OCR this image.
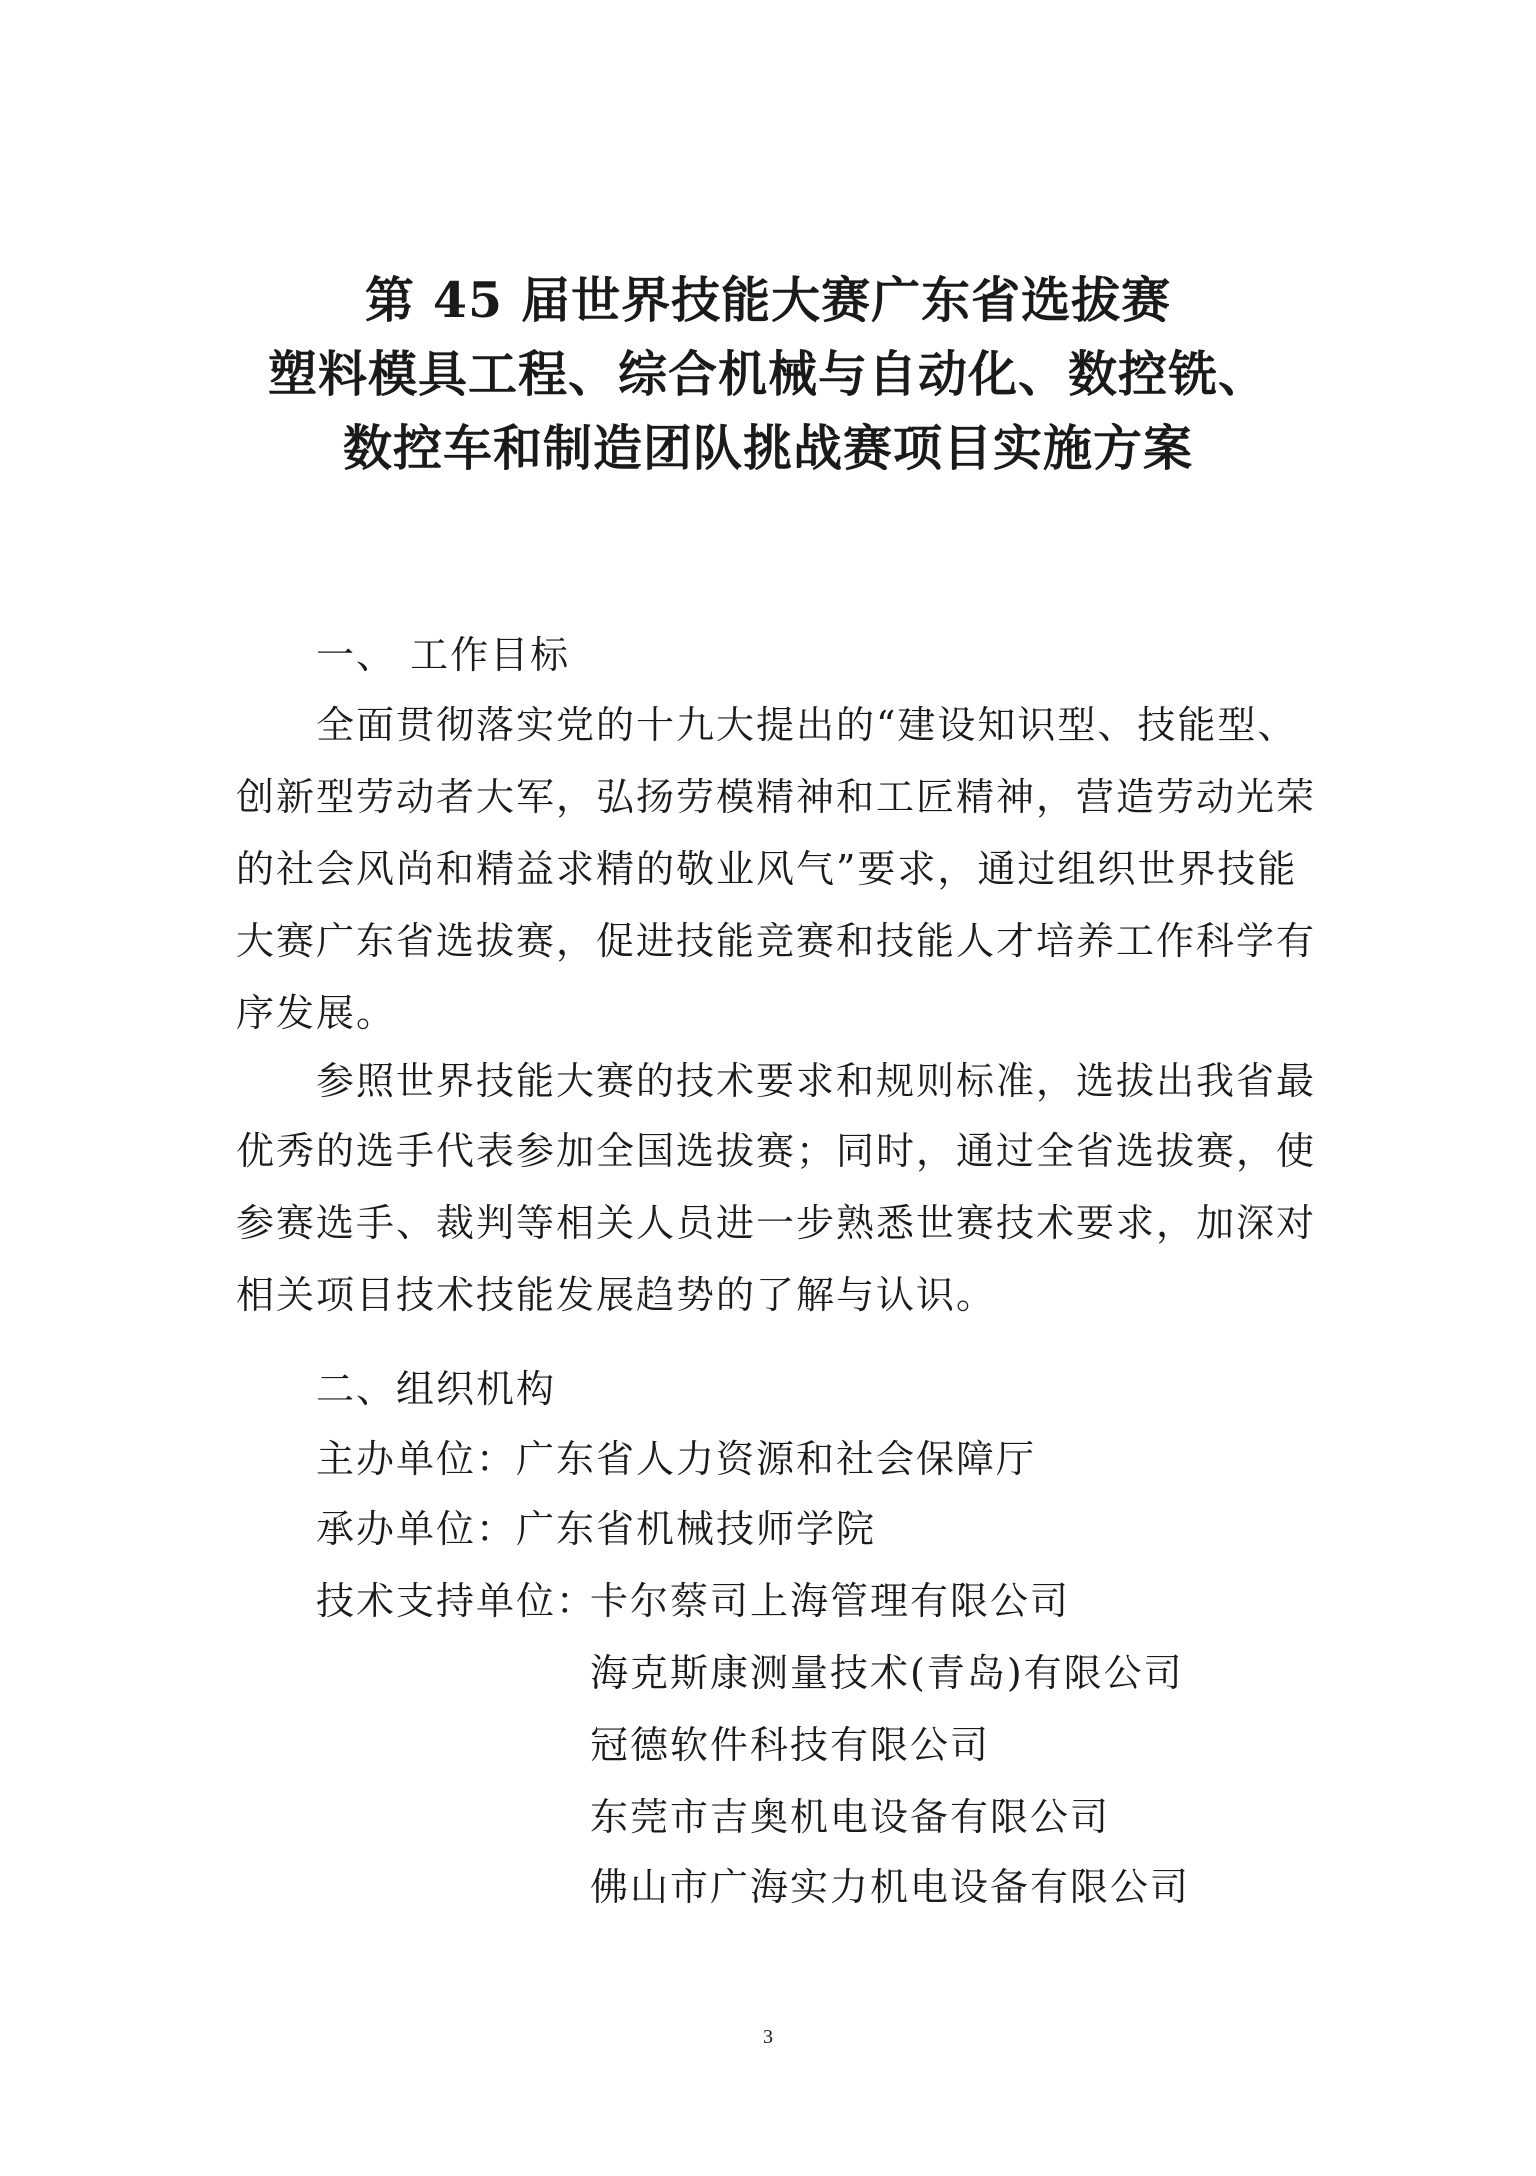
第 45 届世界技能大赛广东省选拔赛
塑料模具工程、综合机械与自动化、数控铣、
数控车和制造团队挑战赛项目实施方案
一、 工作目标
全面贯彻落实党的十九大提出的“建设知识型、技能型、
创新型劳动者大军，弘扬劳模精神和工匠精神，营造劳动光荣
的社会风尚和精益求精的敬业风气”要求，通过组织世界技能
大赛广东省选拔赛，促进技能竞赛和技能人才培养工作科学有
序发展。
参照世界技能大赛的技术要求和规则标准，选拔出我省最
优秀的选手代表参加全国选拔赛；同时，通过全省选拔赛，使
参赛选手、裁判等相关人员进一步熟悉世赛技术要求，加深对
相关项目技术技能发展趋势的了解与认识。
二、组织机构
主办单位：广东省人力资源和社会保障厅
承办单位：广东省机械技师学院
技术支持单位：
卡尔蔡司上海管理有限公司
海克斯康测量技术(青岛)有限公司
冠德软件科技有限公司
东莞市吉奥机电设备有限公司
佛山市广海实力机电设备有限公司
3
